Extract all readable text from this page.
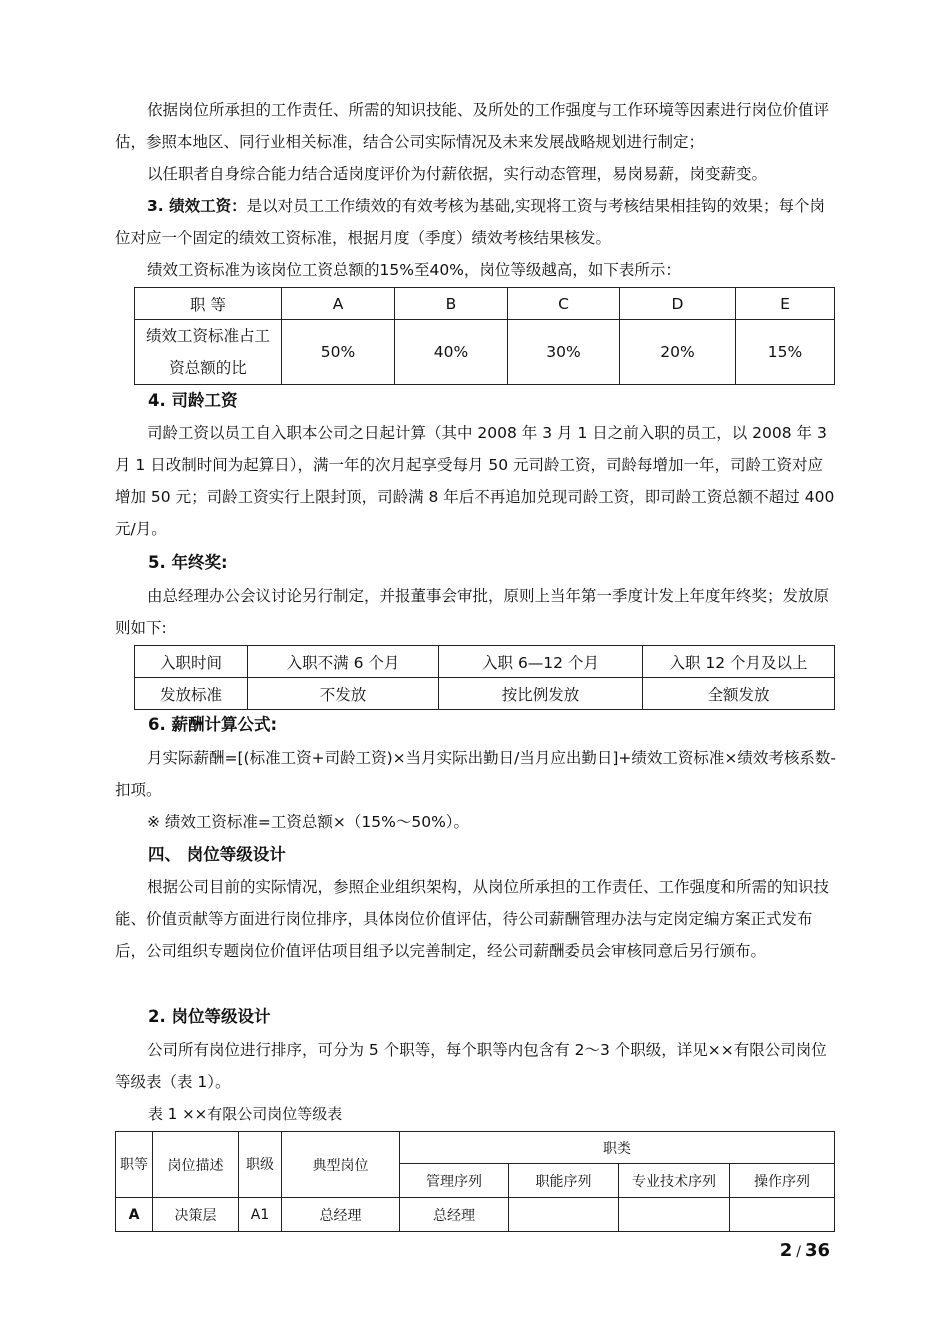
依据岗位所承担的工作责任、所需的知识技能、及所处的工作强度与工作环境等因素进行岗位价值评估，参照本地区、同行业相关标准，结合公司实际情况及未来发展战略规划进行制定；

以任职者自身综合能力结合适岗度评价为付薪依据，实行动态管理，易岗易薪，岗变薪变。

3. 绩效工资：是以对员工工作绩效的有效考核为基础,实现将工资与考核结果相挂钩的效果；每个岗位对应一个固定的绩效工资标准，根据月度（季度）绩效考核结果核发。

绩效工资标准为该岗位工资总额的15%至40%，岗位等级越高，如下表所示：

职 等	A	B	C	D	E
绩效工资标准占工资总额的比	50%	40%	30%	20%	15%

4. 司龄工资

司龄工资以员工自入职本公司之日起计算（其中 2008 年 3 月 1 日之前入职的员工，以 2008 年 3 月 1 日改制时间为起算日），满一年的次月起享受每月 50 元司龄工资，司龄每增加一年，司龄工资对应增加 50 元；司龄工资实行上限封顶，司龄满 8 年后不再追加兑现司龄工资，即司龄工资总额不超过 400 元/月。

5. 年终奖:

由总经理办公会议讨论另行制定，并报董事会审批，原则上当年第一季度计发上年度年终奖；发放原则如下:

入职时间	入职不满 6 个月	入职 6—12 个月	入职 12 个月及以上
发放标准	不发放	按比例发放	全额发放

6. 薪酬计算公式:

月实际薪酬=[(标准工资+司龄工资)×当月实际出勤日/当月应出勤日]+绩效工资标准×绩效考核系数-扣项。

※ 绩效工资标准=工资总额×（15%～50%）。

四、 岗位等级设计

根据公司目前的实际情况，参照企业组织架构，从岗位所承担的工作责任、工作强度和所需的知识技能、价值贡献等方面进行岗位排序，具体岗位价值评估，待公司薪酬管理办法与定岗定编方案正式发布后，公司组织专题岗位价值评估项目组予以完善制定，经公司薪酬委员会审核同意后另行颁布。

2. 岗位等级设计

公司所有岗位进行排序，可分为 5 个职等，每个职等内包含有 2～3 个职级，详见××有限公司岗位等级表（表 1）。

表 1 ××有限公司岗位等级表

职等	岗位描述	职级	典型岗位	职类			
				管理序列	职能序列	专业技术序列	操作序列
A	决策层	A1	总经理	总经理			
2 / 36
